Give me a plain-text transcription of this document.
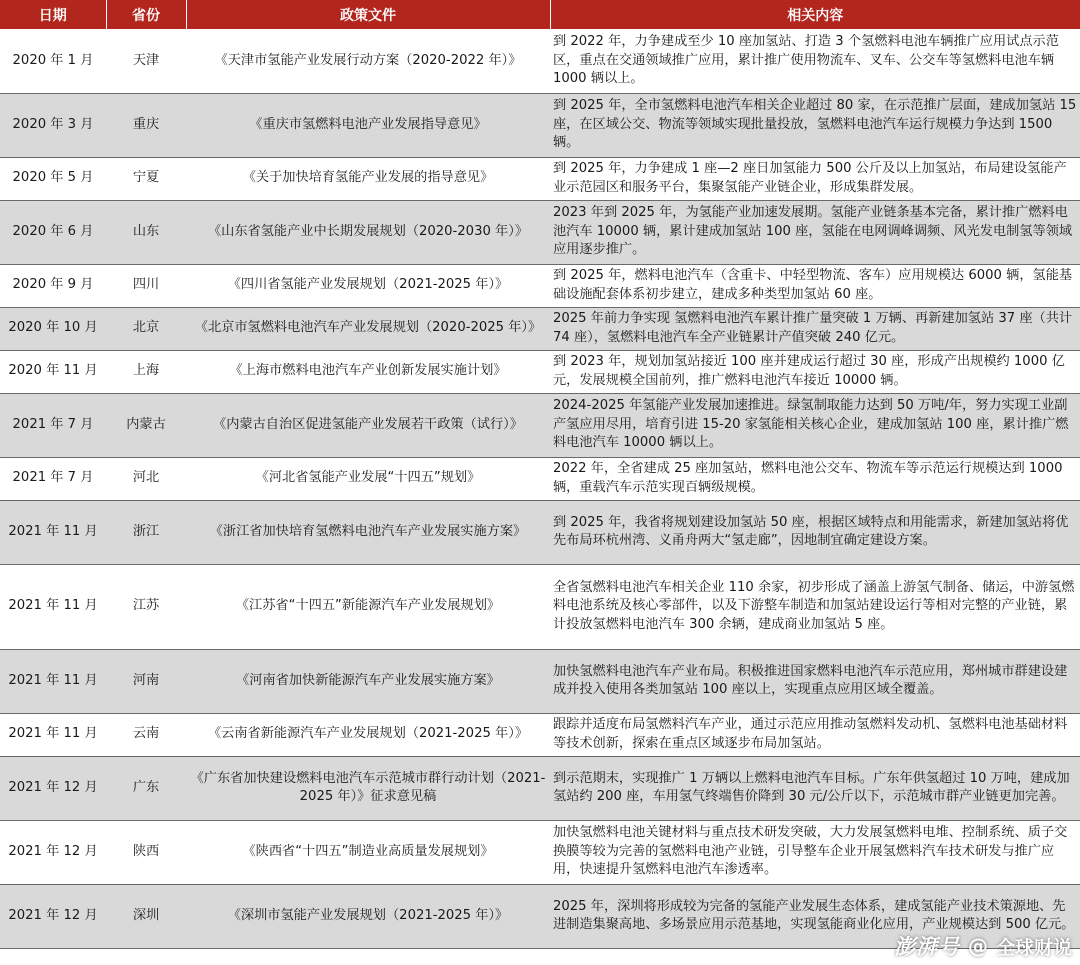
日期	省份	政策文件	相关内容
2020 年 1 月	天津	《天津市氢能产业发展行动方案（2020-2022 年）》	到 2022 年，力争建成至少 10 座加氢站、打造 3 个氢燃料电池车辆推广应用试点示范区，重点在交通领域推广应用，累计推广使用物流车、叉车、公交车等氢燃料电池车辆 1000 辆以上。
2020 年 3 月	重庆	《重庆市氢燃料电池产业发展指导意见》	到 2025 年，全市氢燃料电池汽车相关企业超过 80 家，在示范推广层面，建成加氢站 15 座，在区域公交、物流等领域实现批量投放，氢燃料电池汽车运行规模力争达到 1500 辆。
2020 年 5 月	宁夏	《关于加快培育氢能产业发展的指导意见》	到 2025 年，力争建成 1 座—2 座日加氢能力 500 公斤及以上加氢站，布局建设氢能产业示范园区和服务平台，集聚氢能产业链企业，形成集群发展。
2020 年 6 月	山东	《山东省氢能产业中长期发展规划（2020-2030 年）》	2023 年到 2025 年，为氢能产业加速发展期。氢能产业链条基本完备，累计推广燃料电池汽车 10000 辆，累计建成加氢站 100 座，氢能在电网调峰调频、风光发电制氢等领域应用逐步推广。
2020 年 9 月	四川	《四川省氢能产业发展规划（2021-2025 年）》	到 2025 年，燃料电池汽车（含重卡、中轻型物流、客车）应用规模达 6000 辆，氢能基础设施配套体系初步建立，建成多种类型加氢站 60 座。
2020 年 10 月	北京	《北京市氢燃料电池汽车产业发展规划（2020-2025 年）》	2025 年前力争实现 氢燃料电池汽车累计推广量突破 1 万辆、再新建加氢站 37 座（共计 74 座），氢燃料电池汽车全产业链累计产值突破 240 亿元。
2020 年 11 月	上海	《上海市燃料电池汽车产业创新发展实施计划》	到 2023 年，规划加氢站接近 100 座并建成运行超过 30 座，形成产出规模约 1000 亿元，发展规模全国前列，推广燃料电池汽车接近 10000 辆。
2021 年 7 月	内蒙古	《内蒙古自治区促进氢能产业发展若干政策（试行）》	2024-2025 年氢能产业发展加速推进。绿氢制取能力达到 50 万吨/年，努力实现工业副产氢应用尽用，培育引进 15-20 家氢能相关核心企业，建成加氢站 100 座，累计推广燃料电池汽车 10000 辆以上。
2021 年 7 月	河北	《河北省氢能产业发展“十四五”规划》	2022 年，全省建成 25 座加氢站，燃料电池公交车、物流车等示范运行规模达到 1000 辆，重载汽车示范实现百辆级规模。
2021 年 11 月	浙江	《浙江省加快培育氢燃料电池汽车产业发展实施方案》	到 2025 年，我省将规划建设加氢站 50 座，根据区域特点和用能需求，新建加氢站将优先布局环杭州湾、义甬舟两大“氢走廊”，因地制宜确定建设方案。
2021 年 11 月	江苏	《江苏省“十四五”新能源汽车产业发展规划》	全省氢燃料电池汽车相关企业 110 余家，初步形成了涵盖上游氢气制备、储运，中游氢燃料电池系统及核心零部件，以及下游整车制造和加氢站建设运行等相对完整的产业链，累计投放氢燃料电池汽车 300 余辆，建成商业加氢站 5 座。
2021 年 11 月	河南	《河南省加快新能源汽车产业发展实施方案》	加快氢燃料电池汽车产业布局。积极推进国家燃料电池汽车示范应用，郑州城市群建设建成并投入使用各类加氢站 100 座以上，实现重点应用区域全覆盖。
2021 年 11 月	云南	《云南省新能源汽车产业发展规划（2021-2025 年）》	跟踪并适度布局氢燃料汽车产业，通过示范应用推动氢燃料发动机、氢燃料电池基础材料等技术创新，探索在重点区域逐步布局加氢站。
2021 年 12 月	广东	《广东省加快建设燃料电池汽车示范城市群行动计划（2021-2025 年）》征求意见稿	到示范期末，实现推广 1 万辆以上燃料电池汽车目标。广东年供氢超过 10 万吨，建成加氢站约 200 座，车用氢气终端售价降到 30 元/公斤以下，示范城市群产业链更加完善。
2021 年 12 月	陕西	《陕西省“十四五”制造业高质量发展规划》	加快氢燃料电池关键材料与重点技术研发突破，大力发展氢燃料电堆、控制系统、质子交换膜等较为完善的氢燃料电池产业链，引导整车企业开展氢燃料汽车技术研发与推广应用，快速提升氢燃料电池汽车渗透率。
2021 年 12 月	深圳	《深圳市氢能产业发展规划（2021-2025 年）》	2025 年，深圳将形成较为完备的氢能产业发展生态体系，建成氢能产业技术策源地、先进制造集聚高地、多场景应用示范基地，实现氢能商业化应用，产业规模达到 500 亿元。
澎湃号 @ 全球财说
